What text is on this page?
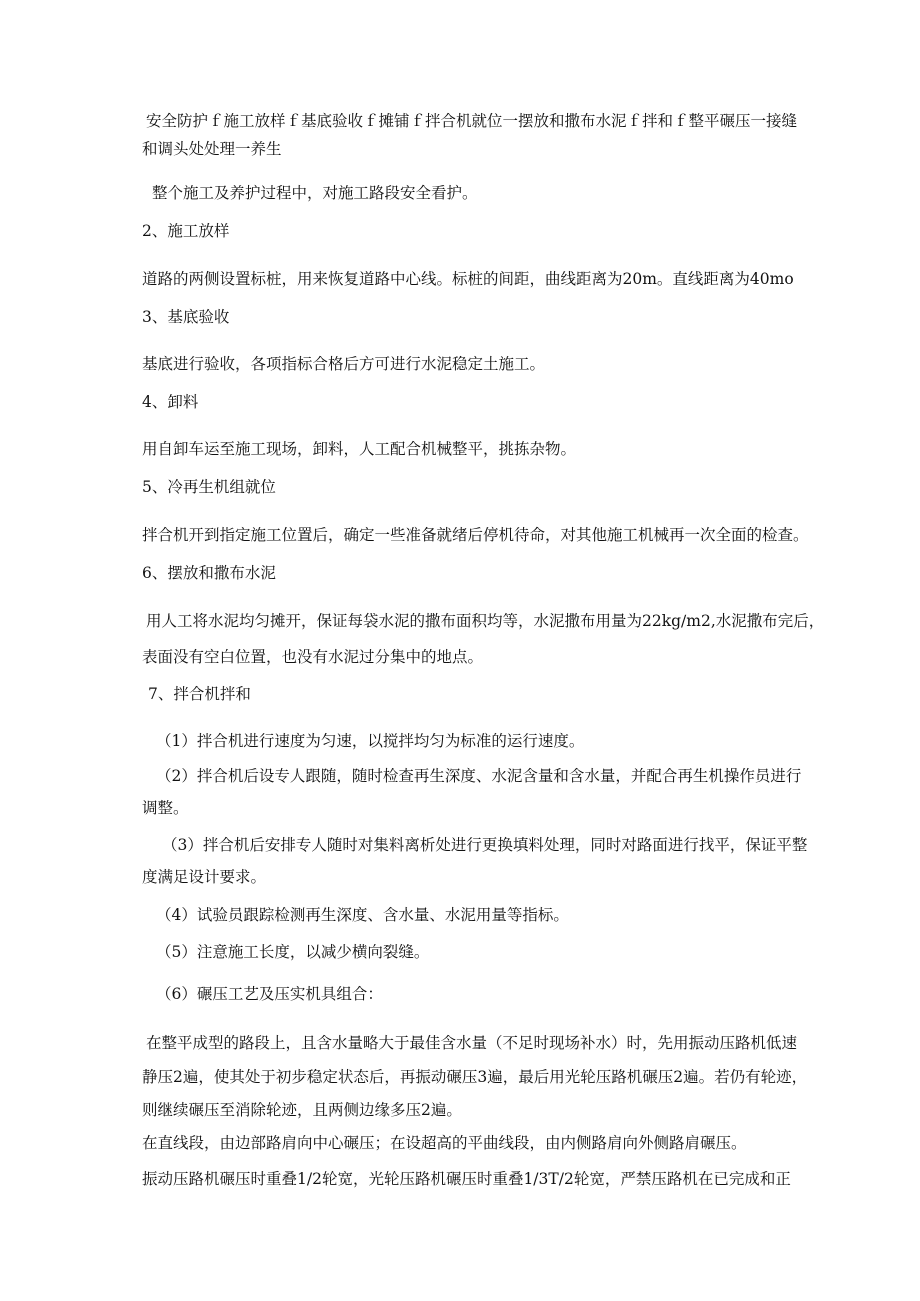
安全防护ｆ施工放样ｆ基底验收ｆ摊铺ｆ拌合机就位一摆放和撒布水泥ｆ拌和ｆ整平碾压一接缝

和调头处处理一养生

整个施工及养护过程中，对施工路段安全看护。

2、施工放样

道路的两侧设置标桩，用来恢复道路中心线。标桩的间距，曲线距离为20m。直线距离为40mo

3、基底验收

基底进行验收，各项指标合格后方可进行水泥稳定土施工。

4、卸料

用自卸车运至施工现场，卸料，人工配合机械整平，挑拣杂物。

5、冷再生机组就位

拌合机开到指定施工位置后，确定一些准备就绪后停机待命，对其他施工机械再一次全面的检查。

6、摆放和撒布水泥

用人工将水泥均匀摊开，保证每袋水泥的撒布面积均等，水泥撒布用量为22kg∕m2,水泥撒布完后，

表面没有空白位置，也没有水泥过分集中的地点。

7、拌合机拌和

（1）拌合机进行速度为匀速，以搅拌均匀为标准的运行速度。

（2）拌合机后设专人跟随，随时检查再生深度、水泥含量和含水量，并配合再生机操作员进行

调整。

（3）拌合机后安排专人随时对集料离析处进行更换填料处理，同时对路面进行找平，保证平整

度满足设计要求。

（4）试验员跟踪检测再生深度、含水量、水泥用量等指标。

（5）注意施工长度，以减少横向裂缝。

（6）碾压工艺及压实机具组合：

在整平成型的路段上，且含水量略大于最佳含水量（不足时现场补水）时，先用振动压路机低速

静压2遍，使其处于初步稳定状态后，再振动碾压3遍，最后用光轮压路机碾压2遍。若仍有轮迹，

则继续碾压至消除轮迹，且两侧边缘多压2遍。

在直线段，由边部路肩向中心碾压；在设超高的平曲线段，由内侧路肩向外侧路肩碾压。

振动压路机碾压时重叠1/2轮宽，光轮压路机碾压时重叠1/3T/2轮宽，严禁压路机在已完成和正
